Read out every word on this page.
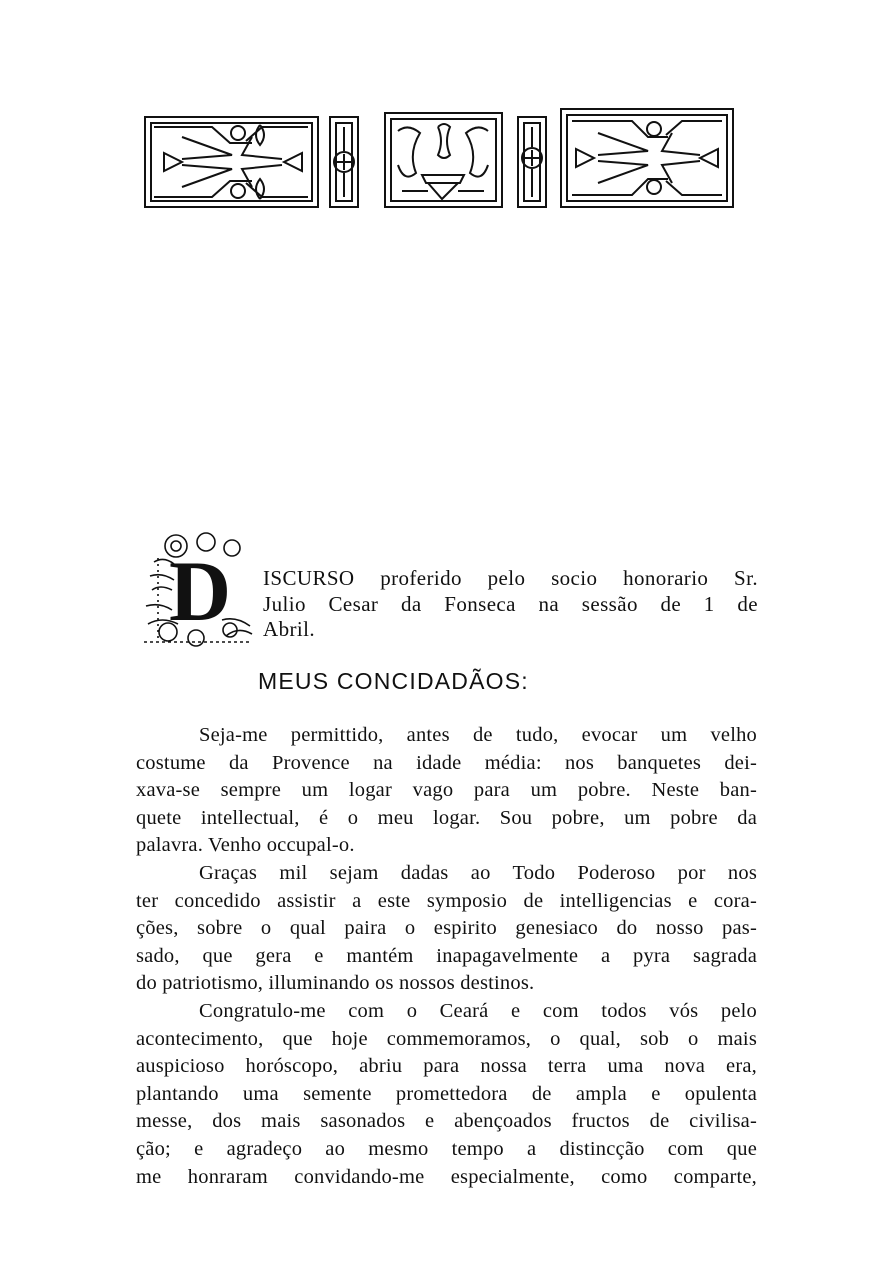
D ISCURSO proferido pelo socio honorario Sr.
Julio Cesar da Fonseca na sessão de 1 de
Abril.
MEUS CONCIDADÃOS:
Seja-me permittido, antes de tudo, evocar um velho
costume da Provence na idade média: nos banquetes dei-
xava-se sempre um logar vago para um pobre. Neste ban-
quete intellectual, é o meu logar. Sou pobre, um pobre da
palavra. Venho occupal-o.
Graças mil sejam dadas ao Todo Poderoso por nos
ter concedido assistir a este symposio de intelligencias e cora-
ções, sobre o qual paira o espirito genesiaco do nosso pas-
sado, que gera e mantém inapagavelmente a pyra sagrada
do patriotismo, illuminando os nossos destinos.
Congratulo-me com o Ceará e com todos vós pelo
acontecimento, que hoje commemoramos, o qual, sob o mais
auspicioso horóscopo, abriu para nossa terra uma nova era,
plantando uma semente promettedora de ampla e opulenta
messe, dos mais sasonados e abençoados fructos de civilisa-
ção; e agradeço ao mesmo tempo a distincção com que
me honraram convidando-me especialmente, como comparte,
